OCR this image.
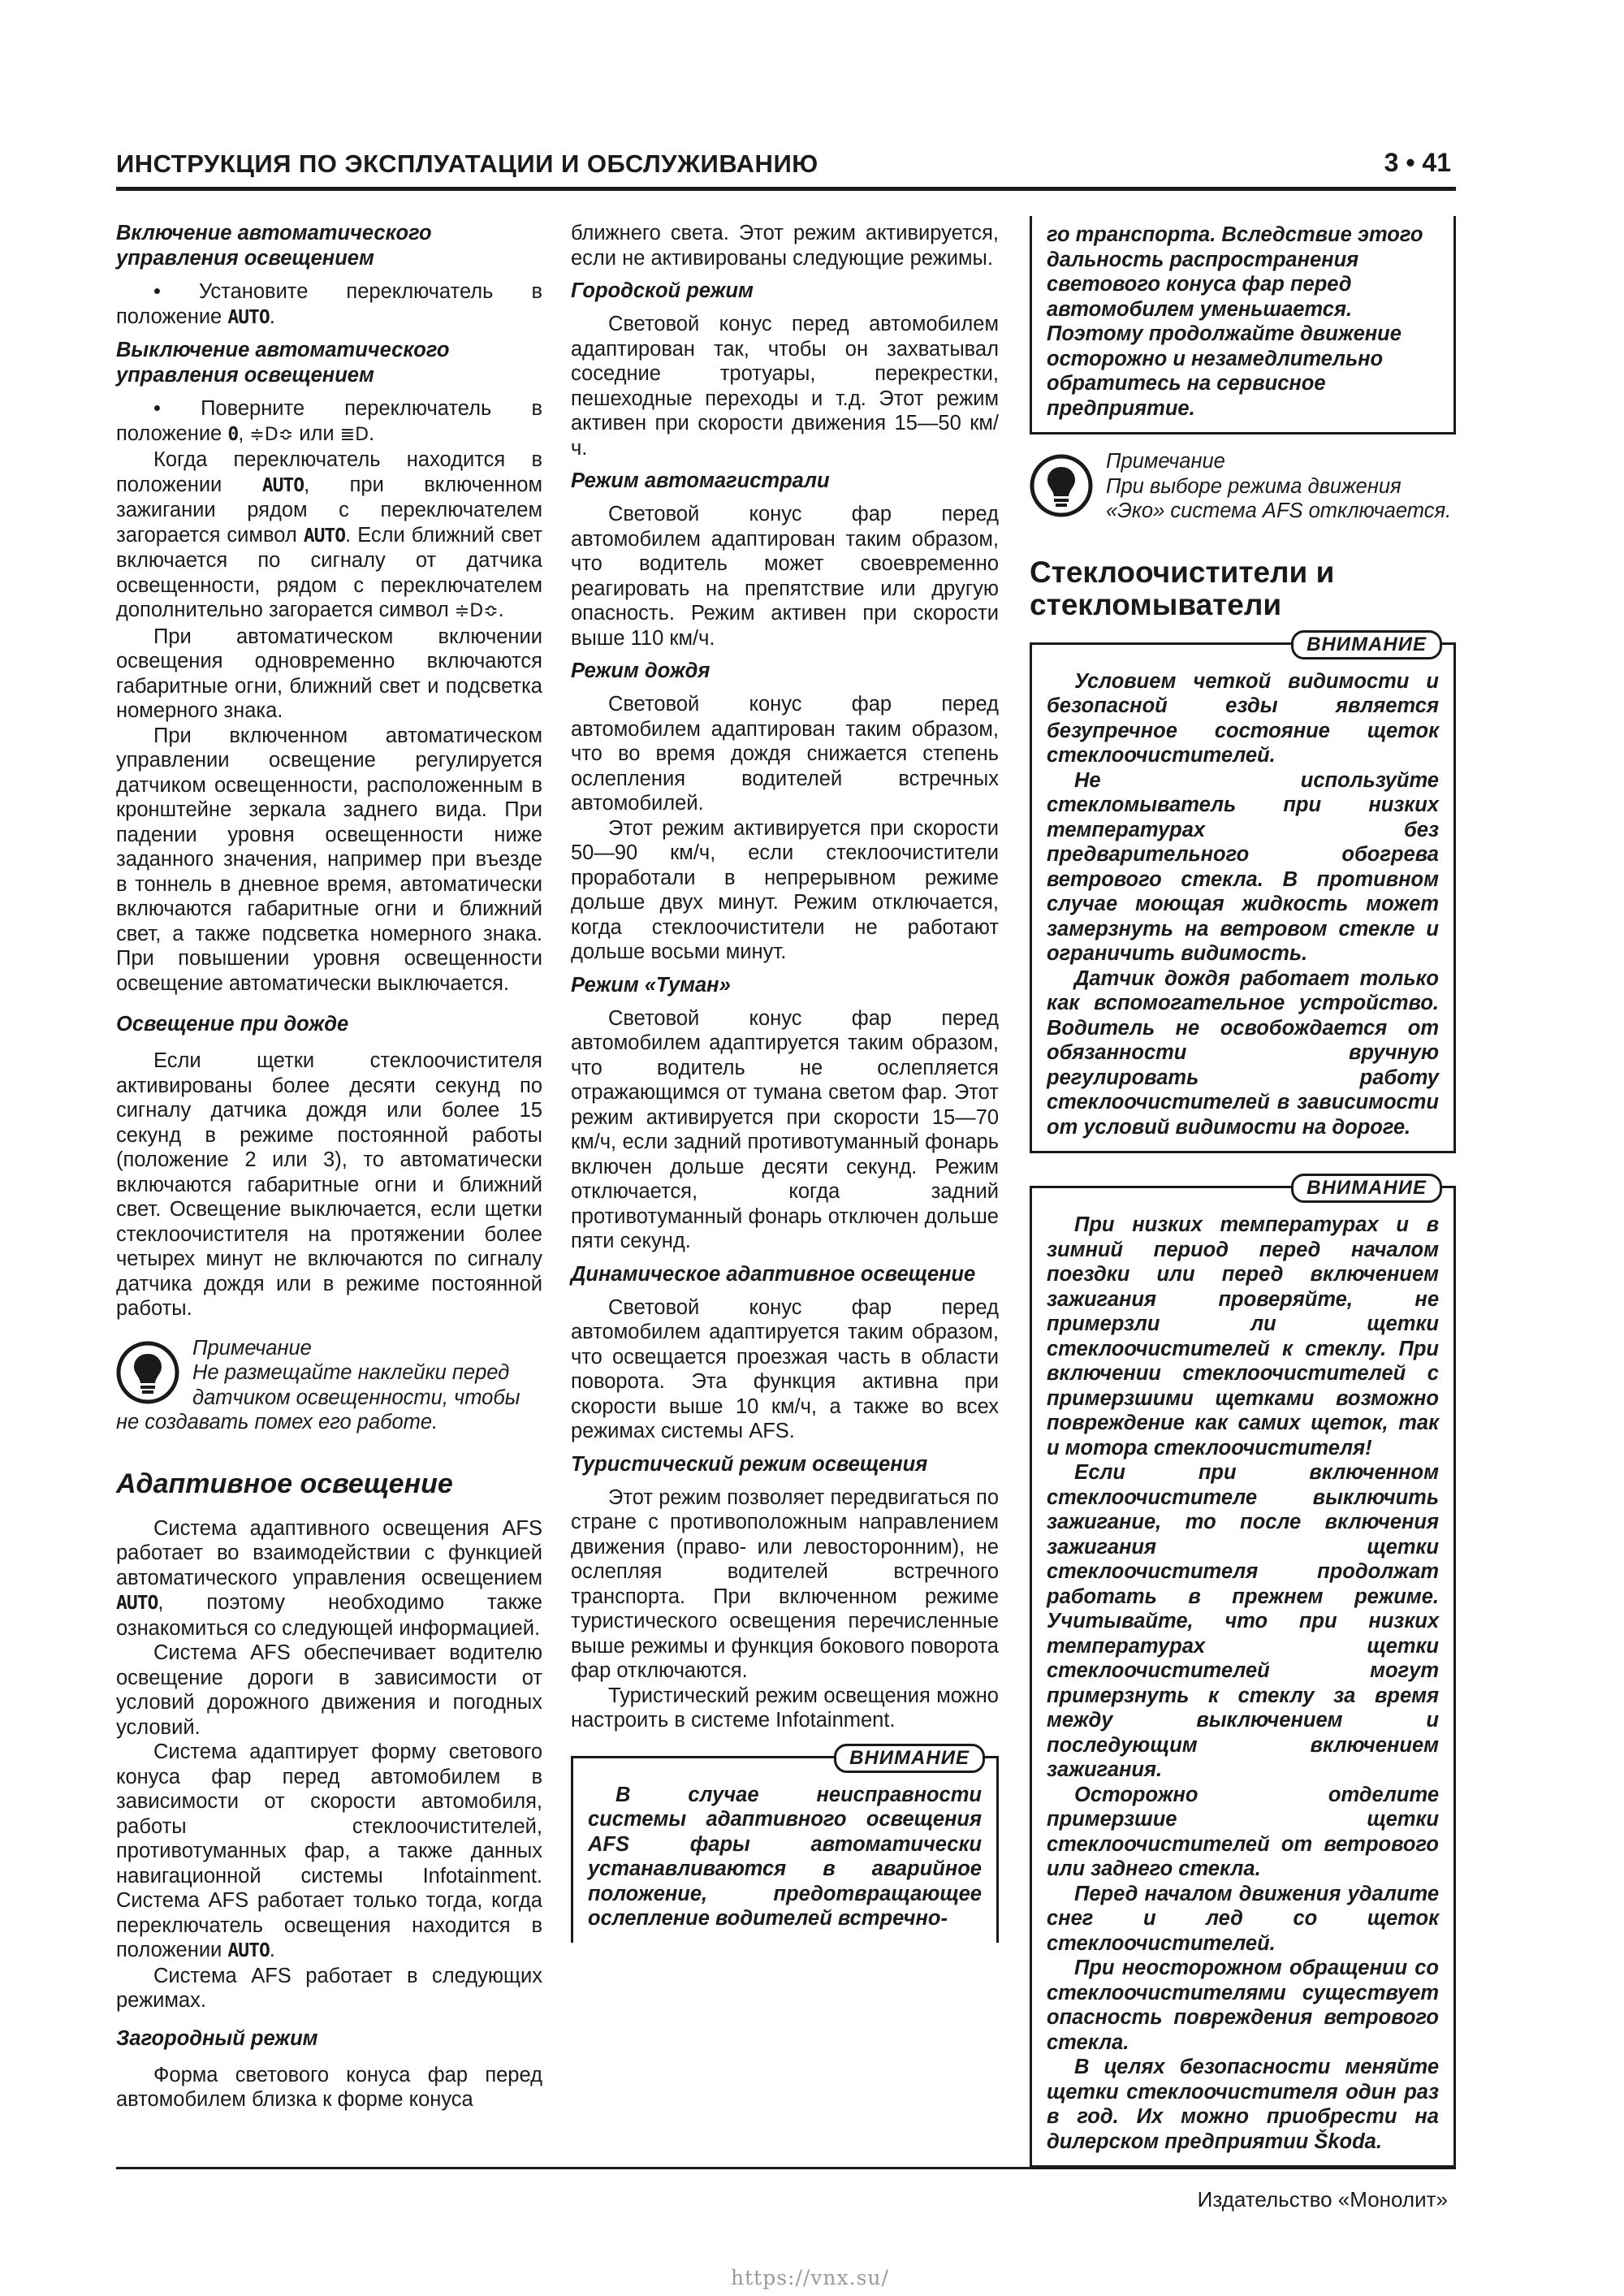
ИНСТРУКЦИЯ ПО ЭКСПЛУАТАЦИИ И ОБСЛУЖИВАНИЮ	3 • 41
Включение автоматического управления освещением

• Установите переключатель в положение AUTO.

Выключение автоматического управления освещением

• Поверните переключатель в положение 0, ≑D≎ или ≣D.

Когда переключатель находится в положении AUTO, при включенном зажигании рядом с переключателем загорается символ AUTO. Если ближний свет включается по сигналу от датчика освещенности, рядом с переключателем дополнительно загорается символ ≑D≎.

При автоматическом включении освещения одновременно включаются габаритные огни, ближний свет и подсветка номерного знака.

При включенном автоматическом управлении освещение регулируется датчиком освещенности, расположенным в кронштейне зеркала заднего вида. При падении уровня освещенности ниже заданного значения, например при въезде в тоннель в дневное время, автоматически включаются габаритные огни и ближний свет, а также подсветка номерного знака. При повышении уровня освещенности освещение автоматически выключается.

Освещение при дожде

Если щетки стеклоочистителя активированы более десяти секунд по сигналу датчика дождя или более 15 секунд в режиме постоянной работы (положение 2 или 3), то автоматически включаются габаритные огни и ближний свет. Освещение выключается, если щетки стеклоочистителя на протяжении более четырех минут не включаются по сигналу датчика дождя или в режиме постоянной работы.

Примечание
Не размещайте наклейки перед датчиком освещенности, чтобы
не создавать помех его работе.
Адаптивное освещение

Система адаптивного освещения AFS работает во взаимодействии с функцией автоматического управления освещением AUTO, поэтому необходимо также ознакомиться со следующей информацией.

Система AFS обеспечивает водителю освещение дороги в зависимости от условий дорожного движения и погодных условий.

Система адаптирует форму светового конуса фар перед автомобилем в зависимости от скорости автомобиля, работы стеклоочистителей, противотуманных фар, а также данных навигационной системы Infotainment. Система AFS работает только тогда, когда переключатель освещения находится в положении AUTO.

Система AFS работает в следующих режимах.

Загородный режим

Форма светового конуса фар перед автомобилем близка к форме конуса

ближнего света. Этот режим активируется, если не активированы следующие режимы.

Городской режим

Световой конус перед автомобилем адаптирован так, чтобы он захватывал соседние тротуары, перекрестки, пешеходные переходы и т.д. Этот режим активен при скорости движения 15—50 км/ч.

Режим автомагистрали

Световой конус фар перед автомобилем адаптирован таким образом, что водитель может своевременно реагировать на препятствие или другую опасность. Режим активен при скорости выше 110 км/ч.

Режим дождя

Световой конус фар перед автомобилем адаптирован таким образом, что во время дождя снижается степень ослепления водителей встречных автомобилей.

Этот режим активируется при скорости 50—90 км/ч, если стеклоочистители проработали в непрерывном режиме дольше двух минут. Режим отключается, когда стеклоочистители не работают дольше восьми минут.

Режим «Туман»

Световой конус фар перед автомобилем адаптируется таким образом, что водитель не ослепляется отражающимся от тумана светом фар. Этот режим активируется при скорости 15—70 км/ч, если задний противотуманный фонарь включен дольше десяти секунд. Режим отключается, когда задний противотуманный фонарь отключен дольше пяти секунд.

Динамическое адаптивное освещение

Световой конус фар перед автомобилем адаптируется таким образом, что освещается проезжая часть в области поворота. Эта функция активна при скорости выше 10 км/ч, а также во всех режимах системы AFS.

Туристический режим освещения

Этот режим позволяет передвигаться по стране с противоположным направлением движения (право- или левосторонним), не ослепляя водителей встречного транспорта. При включенном режиме туристического освещения перечисленные выше режимы и функция бокового поворота фар отключаются.

Туристический режим освещения можно настроить в системе Infotainment.

ВНИМАНИЕ

В случае неисправности системы адаптивного освещения AFS фары автоматически устанавливаются в аварийное положение, предотвращающее ослепление водителей встречно-

го транспорта. Вследствие этого дальность распространения светового конуса фар перед автомобилем уменьшается. Поэтому продолжайте движение осторожно и незамедлительно обратитесь на сервисное предприятие.

Примечание
При выборе режима движения «Эко» система AFS отключается.
Стеклоочистители и стекломыватели
ВНИМАНИЕ

Условием четкой видимости и безопасной езды является безупречное состояние щеток стеклоочистителей.

Не используйте стекломыватель при низких температурах без предварительного обогрева ветрового стекла. В противном случае моющая жидкость может замерзнуть на ветровом стекле и ограничить видимость.

Датчик дождя работает только как вспомогательное устройство. Водитель не освобождается от обязанности вручную регулировать работу стеклоочистителей в зависимости от условий видимости на дороге.

ВНИМАНИЕ

При низких температурах и в зимний период перед началом поездки или перед включением зажигания проверяйте, не примерзли ли щетки стеклоочистителей к стеклу. При включении стеклоочистителей с примерзшими щетками возможно повреждение как самих щеток, так и мотора стеклоочистителя!

Если при включенном стеклоочистителе выключить зажигание, то после включения зажигания щетки стеклоочистителя продолжат работать в прежнем режиме. Учитывайте, что при низких температурах щетки стеклоочистителей могут примерзнуть к стеклу за время между выключением и последующим включением зажигания.

Осторожно отделите примерзшие щетки стеклоочистителей от ветрового или заднего стекла.

Перед началом движения удалите снег и лед со щеток стеклоочистителей.

При неосторожном обращении со стеклоочистителями существует опасность повреждения ветрового стекла.

В целях безопасности меняйте щетки стеклоочистителя один раз в год. Их можно приобрести на дилерском предприятии Škoda.

Издательство «Монолит»
https://vnx.su/
